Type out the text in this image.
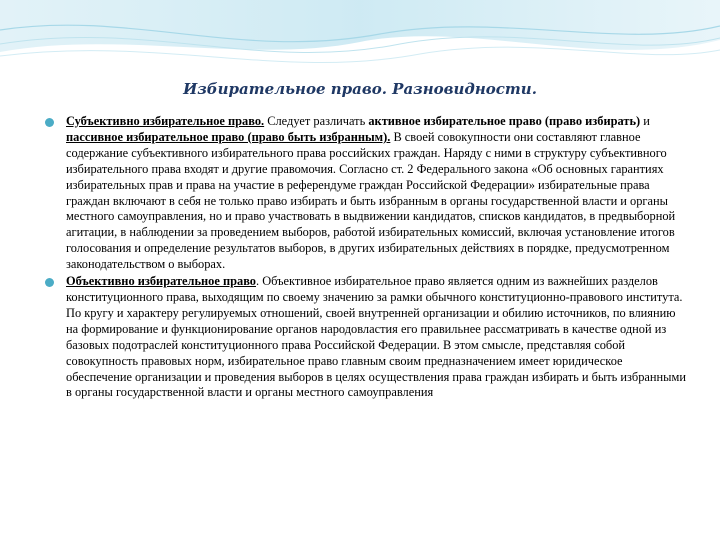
Избирательное право. Разновидности.
Субъективно избирательное право. Следует различать активное избирательное право (право избирать) и пассивное избирательное право (право быть избранным). В своей совокупности они составляют главное содержание субъективного избирательного права российских граждан. Наряду с ними в структуру субъективного избирательного права входят и другие правомочия. Согласно ст. 2 Федерального закона «Об основных гарантиях избирательных прав и права на участие в референдуме граждан Российской Федерации» избирательные права граждан включают в себя не только право избирать и быть избранным в органы государственной власти и органы местного самоуправления, но и право участвовать в выдвижении кандидатов, списков кандидатов, в предвыборной агитации, в наблюдении за проведением выборов, работой избирательных комиссий, включая установление итогов голосования и определение результатов выборов, в других избирательных действиях в порядке, предусмотренном законодательством о выборах.
Объективно избирательное право. Объективное избирательное право является одним из важнейших разделов конституционного права, выходящим по своему значению за рамки обычного конституционно-правового института. По кругу и характеру регулируемых отношений, своей внутренней организации и обилию источников, по влиянию на формирование и функционирование органов народовластия его правильнее рассматривать в качестве одной из базовых подотраслей конституционного права Российской Федерации. В этом смысле, представляя собой совокупность правовых норм, избирательное право главным своим предназначением имеет юридическое обеспечение организации и проведения выборов в целях осуществления права граждан избирать и быть избранными в органы государственной власти и органы местного самоуправления
